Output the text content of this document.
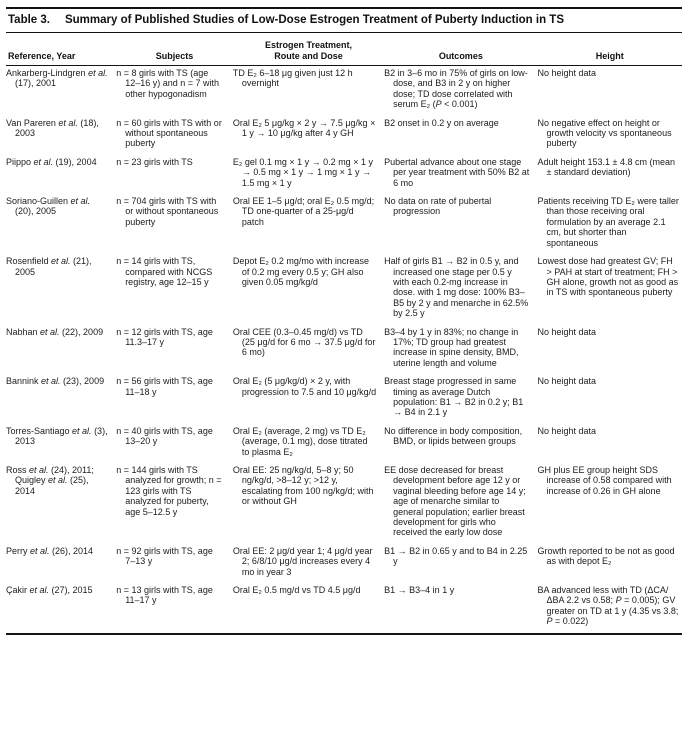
Table 3. Summary of Published Studies of Low-Dose Estrogen Treatment of Puberty Induction in TS
Reference, Year	Subjects	Estrogen Treatment, Route and Dose	Outcomes	Height

Ankarberg-Lindgren et al. (17), 2001	n = 8 girls with TS (age 12–16 y) and n = 7 with other hypogonadism	TD E₂ 6–18 μg given just 12 h overnight	B2 in 3–6 mo in 75% of girls on low-dose, and B3 in 2 y on higher dose; TD dose correlated with serum E₂ (P < 0.001)	No height data

Van Pareren et al. (18), 2003	n = 60 girls with TS with or without spontaneous puberty	Oral E₂ 5 μg/kg × 2 y → 7.5 μg/kg × 1 y → 10 μg/kg after 4 y GH	B2 onset in 0.2 y on average	No negative effect on height or growth velocity vs spontaneous puberty

Piippo et al. (19), 2004	n = 23 girls with TS	E₂ gel 0.1 mg × 1 y → 0.2 mg × 1 y → 0.5 mg × 1 y → 1 mg × 1 y → 1.5 mg × 1 y	Pubertal advance about one stage per year treatment with 50% B2 at 6 mo	Adult height 153.1 ± 4.8 cm (mean ± standard deviation)

Soriano-Guillen et al. (20), 2005	n = 704 girls with TS with or without spontaneous puberty	Oral EE 1–5 μg/d; oral E₂ 0.5 mg/d; TD one-quarter of a 25-μg/d patch	No data on rate of pubertal progression	Patients receiving TD E₂ were taller than those receiving oral formulation by an average 2.1 cm, but shorter than spontaneous

Rosenfield et al. (21), 2005	n = 14 girls with TS, compared with NCGS registry, age 12–15 y	Depot E₂ 0.2 mg/mo with increase of 0.2 mg every 0.5 y; GH also given 0.05 mg/kg/d	Half of girls B1 → B2 in 0.5 y, and increased one stage per 0.5 y with each 0.2-mg increase in dose. with 1 mg dose: 100% B3–B5 by 2 y and menarche in 62.5% by 2.5 y	Lowest dose had greatest GV; FH > PAH at start of treatment; FH > GH alone, growth not as good as in TS with spontaneous puberty

Nabhan et al. (22), 2009	n = 12 girls with TS, age 11.3–17 y	Oral CEE (0.3–0.45 mg/d) vs TD (25 μg/d for 6 mo → 37.5 μg/d for 6 mo)	B3–4 by 1 y in 83%; no change in 17%; TD group had greatest increase in spine density, BMD, uterine length and volume	No height data

Bannink et al. (23), 2009	n = 56 girls with TS, age 11–18 y	Oral E₂ (5 μg/kg/d) × 2 y, with progression to 7.5 and 10 μg/kg/d	Breast stage progressed in same timing as average Dutch population: B1 → B2 in 0.2 y; B1 → B4 in 2.1 y	No height data

Torres-Santiago et al. (3), 2013	n = 40 girls with TS, age 13–20 y	Oral E₂ (average, 2 mg) vs TD E₂ (average, 0.1 mg), dose titrated to plasma E₂	No difference in body composition, BMD, or lipids between groups	No height data

Ross et al. (24), 2011; Quigley et al. (25), 2014	n = 144 girls with TS analyzed for growth; n = 123 girls with TS analyzed for puberty, age 5–12.5 y	Oral EE: 25 ng/kg/d, 5–8 y; 50 ng/kg/d, >8–12 y; >12 y, escalating from 100 ng/kg/d; with or without GH	EE dose decreased for breast development before age 12 y or vaginal bleeding before age 14 y; age of menarche similar to general population; earlier breast development for girls who received the early low dose	GH plus EE group height SDS increase of 0.58 compared with increase of 0.26 in GH alone

Perry et al. (26), 2014	n = 92 girls with TS, age 7–13 y	Oral EE: 2 μg/d year 1; 4 μg/d year 2; 6/8/10 μg/d increases every 4 mo in year 3	B1 → B2 in 0.65 y and to B4 in 2.25 y	Growth reported to be not as good as with depot E₂

Çakir et al. (27), 2015	n = 13 girls with TS, age 11–17 y	Oral E₂ 0.5 mg/d vs TD 4.5 μg/d	B1 → B3–4 in 1 y	BA advanced less with TD (ΔCA/ΔBA 2.2 vs 0.58; P = 0.005); GV greater on TD at 1 y (4.35 vs 3.8; P = 0.022)
